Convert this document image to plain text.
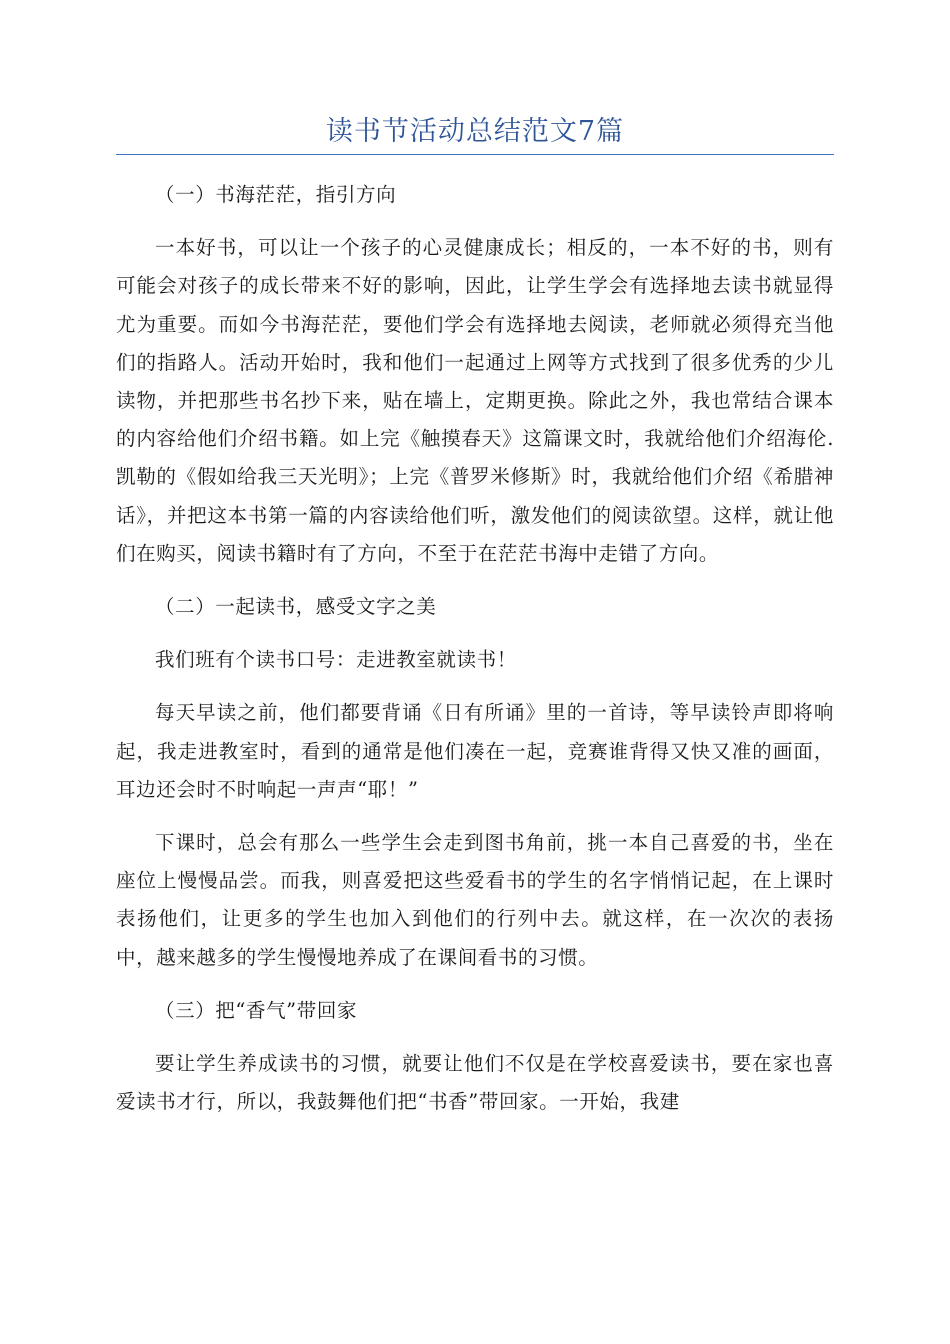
读书节活动总结范文7篇

（一）书海茫茫，指引方向

一本好书，可以让一个孩子的心灵健康成长；相反的，一本不好的书，则有可能会对孩子的成长带来不好的影响，因此，让学生学会有选择地去读书就显得尤为重要。而如今书海茫茫，要他们学会有选择地去阅读，老师就必须得充当他们的指路人。活动开始时，我和他们一起通过上网等方式找到了很多优秀的少儿读物，并把那些书名抄下来，贴在墙上，定期更换。除此之外，我也常结合课本的内容给他们介绍书籍。如上完《触摸春天》这篇课文时，我就给他们介绍海伦.凯勒的《假如给我三天光明》；上完《普罗米修斯》时，我就给他们介绍《希腊神话》，并把这本书第一篇的内容读给他们听，激发他们的阅读欲望。这样，就让他们在购买，阅读书籍时有了方向，不至于在茫茫书海中走错了方向。

（二）一起读书，感受文字之美

我们班有个读书口号：走进教室就读书！

每天早读之前，他们都要背诵《日有所诵》里的一首诗，等早读铃声即将响起，我走进教室时，看到的通常是他们凑在一起，竞赛谁背得又快又准的画面，耳边还会时不时响起一声声“耶！”

下课时，总会有那么一些学生会走到图书角前，挑一本自己喜爱的书，坐在座位上慢慢品尝。而我，则喜爱把这些爱看书的学生的名字悄悄记起，在上课时表扬他们，让更多的学生也加入到他们的行列中去。就这样，在一次次的表扬中，越来越多的学生慢慢地养成了在课间看书的习惯。

（三）把“香气”带回家

要让学生养成读书的习惯，就要让他们不仅是在学校喜爱读书，要在家也喜爱读书才行，所以，我鼓舞他们把“书香”带回家。一开始，我建
